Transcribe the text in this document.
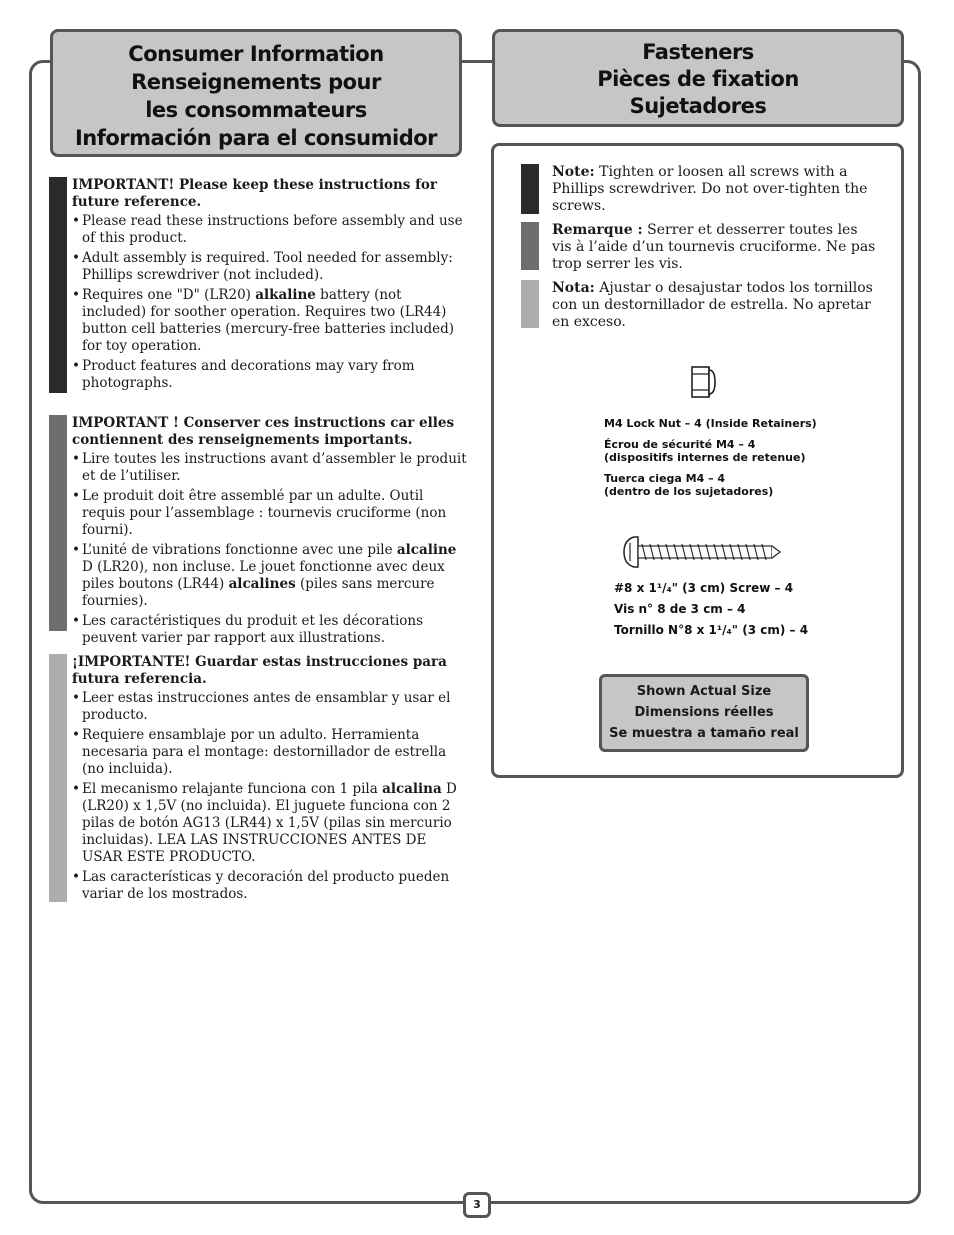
Consumer Information
Renseignements pour
les consommateurs
Información para el consumidor
Fasteners
Pièces de fixation
Sujetadores
IMPORTANT! Please keep these instructions for future reference.
• Please read these instructions before assembly and use of this product.
• Adult assembly is required. Tool needed for assembly: Phillips screwdriver (not included).
• Requires one "D" (LR20) alkaline battery (not included) for soother operation. Requires two (LR44) button cell batteries (mercury-free batteries included) for toy operation.
• Product features and decorations may vary from photographs.
IMPORTANT ! Conserver ces instructions car elles contiennent des renseignements importants.
• Lire toutes les instructions avant d’assembler le produit et de l’utiliser.
• Le produit doit être assemblé par un adulte. Outil requis pour l’assemblage : tournevis cruciforme (non fourni).
• L’unité de vibrations fonctionne avec une pile alcaline D (LR20), non incluse. Le jouet fonctionne avec deux piles boutons (LR44) alcalines (piles sans mercure fournies).
• Les caractéristiques du produit et les décorations peuvent varier par rapport aux illustrations.
¡IMPORTANTE! Guardar estas instrucciones para futura referencia.
• Leer estas instrucciones antes de ensamblar y usar el producto.
• Requiere ensamblaje por un adulto. Herramienta necesaria para el montage: destornillador de estrella (no incluida).
• El mecanismo relajante funciona con 1 pila alcalina D (LR20) x 1,5V (no incluida). El juguete funciona con 2 pilas de botón AG13 (LR44) x 1,5V (pilas sin mercurio incluidas). LEA LAS INSTRUCCIONES ANTES DE USAR ESTE PRODUCTO.
• Las características y decoración del producto pueden variar de los mostrados.
Note: Tighten or loosen all screws with a Phillips screwdriver. Do not over-tighten the screws.
Remarque : Serrer et desserrer toutes les vis à l’aide d’un tournevis cruciforme. Ne pas trop serrer les vis.
Nota: Ajustar o desajustar todos los tornillos con un destornillador de estrella. No apretar en exceso.
M4 Lock Nut – 4 (Inside Retainers)
Écrou de sécurité M4 – 4
(dispositifs internes de retenue)
Tuerca ciega M4 – 4
(dentro de los sujetadores)
#8 x 1¹/₄" (3 cm) Screw – 4
Vis n° 8 de 3 cm – 4
Tornillo N°8 x 1¹/₄" (3 cm) – 4
Shown Actual Size
Dimensions réelles
Se muestra a tamaño real
3
